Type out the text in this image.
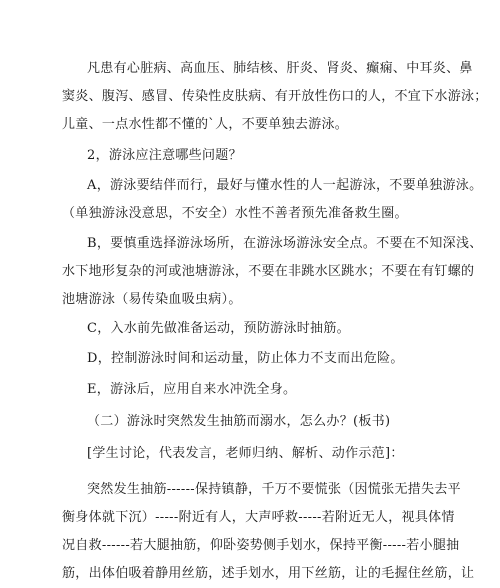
凡患有心脏病、高血压、肺结核、肝炎、肾炎、癫痫、中耳炎、鼻
窦炎、腹泻、感冒、传染性皮肤病、有开放性伤口的人，不宜下水游泳；
儿童、一点水性都不懂的`人，不要单独去游泳。
2，游泳应注意哪些问题？
A，游泳要结伴而行，最好与懂水性的人一起游泳，不要单独游泳。
（单独游泳没意思，不安全）水性不善者预先准备救生圈。
B，要慎重选择游泳场所，在游泳场游泳安全点。不要在不知深浅、
水下地形复杂的河或池塘游泳，不要在非跳水区跳水；不要在有钉螺的
池塘游泳（易传染血吸虫病）。
C，入水前先做准备运动，预防游泳时抽筋。
D，控制游泳时间和运动量，防止体力不支而出危险。
E，游泳后，应用自来水冲洗全身。
（二）游泳时突然发生抽筋而溺水，怎么办？(板书)
[学生讨论，代表发言，老师归纳、解析、动作示范]：
突然发生抽筋------保持镇静，千万不要慌张（因慌张无措失去平
衡身体就下沉）-----附近有人，大声呼救-----若附近无人，视具体情
况自救------若大腿抽筋，仰卧姿势侧手划水，保持平衡-----若小腿抽
筋，出体伯吸着静用丝筋，述手划水，用下丝筋，让的毛握住丝筋，让
